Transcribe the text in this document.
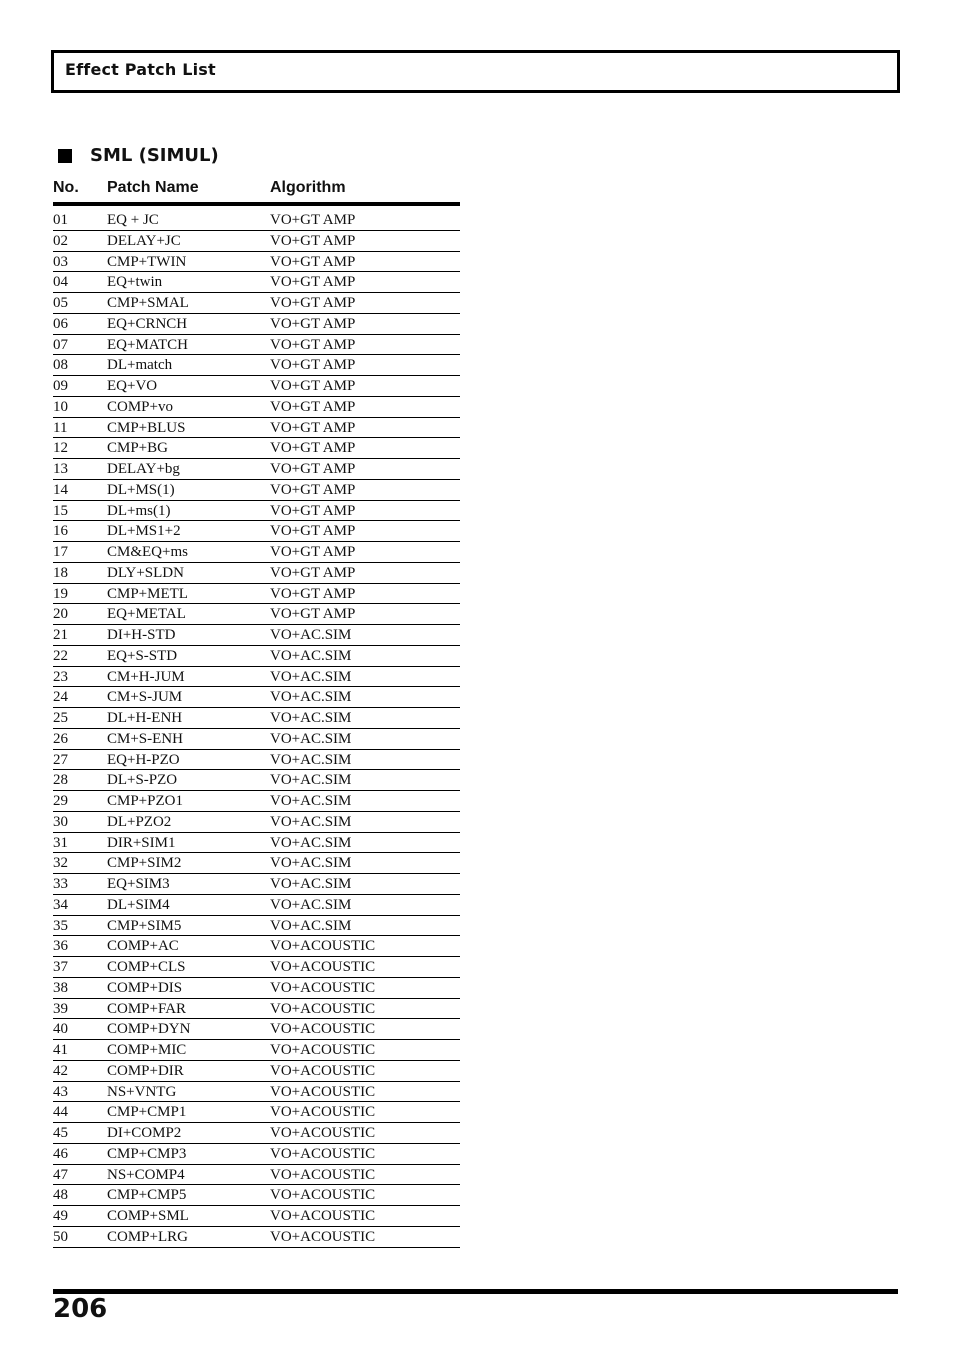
Effect Patch List
SML (SIMUL)
No. Patch Name	Algorithm
01	EQ + JC	VO+GT AMP
02	DELAY+JC	VO+GT AMP
03	CMP+TWIN	VO+GT AMP
04	EQ+twin	VO+GT AMP
05	CMP+SMAL	VO+GT AMP
06	EQ+CRNCH	VO+GT AMP
07	EQ+MATCH	VO+GT AMP
08	DL+match	VO+GT AMP
09	EQ+VO	VO+GT AMP
10	COMP+vo	VO+GT AMP
11	CMP+BLUS	VO+GT AMP
12	CMP+BG	VO+GT AMP
13	DELAY+bg	VO+GT AMP
14	DL+MS(1)	VO+GT AMP
15	DL+ms(1)	VO+GT AMP
16	DL+MS1+2	VO+GT AMP
17	CM&EQ+ms	VO+GT AMP
18	DLY+SLDN	VO+GT AMP
19	CMP+METL	VO+GT AMP
20	EQ+METAL	VO+GT AMP
21	DI+H-STD	VO+AC.SIM
22	EQ+S-STD	VO+AC.SIM
23	CM+H-JUM	VO+AC.SIM
24	CM+S-JUM	VO+AC.SIM
25	DL+H-ENH	VO+AC.SIM
26	CM+S-ENH	VO+AC.SIM
27	EQ+H-PZO	VO+AC.SIM
28	DL+S-PZO	VO+AC.SIM
29	CMP+PZO1	VO+AC.SIM
30	DL+PZO2	VO+AC.SIM
31	DIR+SIM1	VO+AC.SIM
32	CMP+SIM2	VO+AC.SIM
33	EQ+SIM3	VO+AC.SIM
34	DL+SIM4	VO+AC.SIM
35	CMP+SIM5	VO+AC.SIM
36	COMP+AC	VO+ACOUSTIC
37	COMP+CLS	VO+ACOUSTIC
38	COMP+DIS	VO+ACOUSTIC
39	COMP+FAR	VO+ACOUSTIC
40	COMP+DYN	VO+ACOUSTIC
41	COMP+MIC	VO+ACOUSTIC
42	COMP+DIR	VO+ACOUSTIC
43	NS+VNTG	VO+ACOUSTIC
44	CMP+CMP1	VO+ACOUSTIC
45	DI+COMP2	VO+ACOUSTIC
46	CMP+CMP3	VO+ACOUSTIC
47	NS+COMP4	VO+ACOUSTIC
48	CMP+CMP5	VO+ACOUSTIC
49	COMP+SML	VO+ACOUSTIC
50	COMP+LRG	VO+ACOUSTIC
206
